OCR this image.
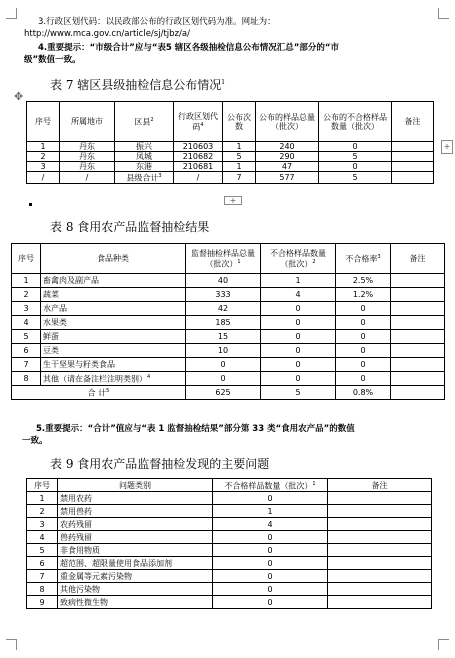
3.行政区划代码：以民政部公布的行政区划代码为准。网址为：
http://www.mca.gov.cn/article/sj/tjbz/a/
4.重要提示：“市级合计”应与“表5 辖区各级抽检信息公布情况汇总”部分的“市
级”数值一致。
表 7 辖区县级抽检信息公布情况$^1$
✥
序号	所属地市	区县$^2$	行政区划代码$^4$	公布次数	公布的样品总量（批次）	公布的不合格样品数量（批次）	备注
1	丹东	振兴	210603	1	240	0	
2	丹东	凤城	210682	5	290	5	
3	丹东	东港	210681	1	47	0	
/	/	县级合计$^3$	/	7	577	5	
+
+
表 8 食用农产品监督抽检结果
序号	食品种类	监督抽检样品总量（批次）$^1$	不合格样品数量（批次）$^2$	不合格率$^3$	备注
1	畜禽肉及副产品	40	1	2.5%	
2	蔬菜	333	4	1.2%	
3	水产品	42	0	0	
4	水果类	185	0	0	
5	鲜蛋	15	0	0	
6	豆类	10	0	0	
7	生干坚果与籽类食品	0	0	0	
8	其他（请在备注栏注明类别）$^4$	0	0	0	
合 计$^5$		625	5	0.8%	
5.重要提示：“合计”值应与“表 1 监督抽检结果”部分第 33 类“食用农产品”的数值
一致。
表 9 食用农产品监督抽检发现的主要问题
序号	问题类别	不合格样品数量（批次）$^1$	备注
1	禁用农药	0	
2	禁用兽药	1	
3	农药残留	4	
4	兽药残留	0	
5	非食用物质	0	
6	超范围、超限量使用食品添加剂	0	
7	重金属等元素污染物	0	
8	其他污染物	0	
9	致病性微生物	0	
